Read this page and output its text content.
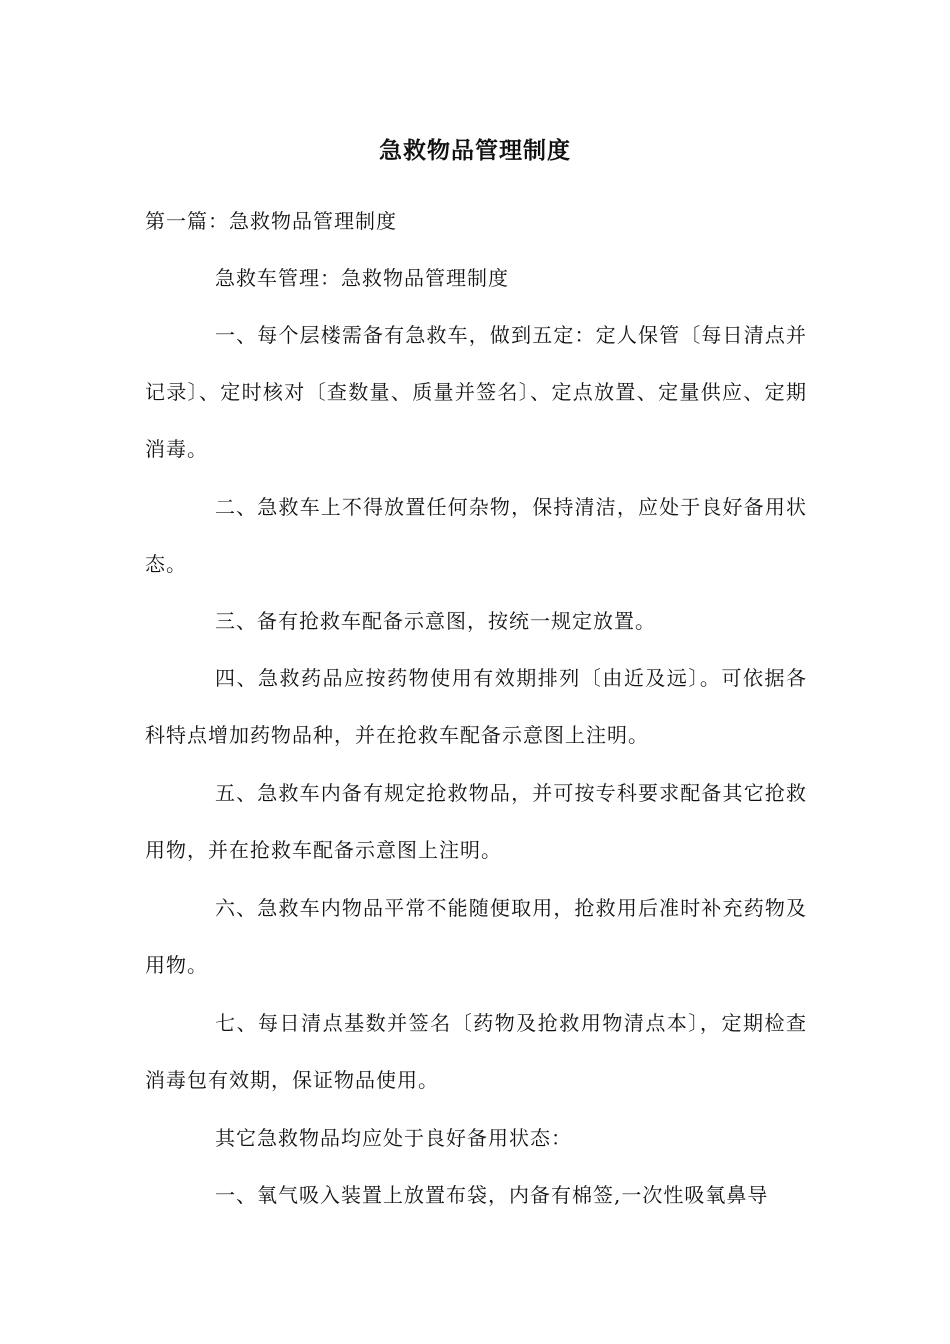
急救物品管理制度
第一篇：急救物品管理制度
急救车管理：急救物品管理制度
一、每个层楼需备有急救车，做到五定：定人保管〔每日清点并记录〕、定时核对〔查数量、质量并签名〕、定点放置、定量供应、定期消毒。
二、急救车上不得放置任何杂物，保持清洁，应处于良好备用状态。
三、备有抢救车配备示意图，按统一规定放置。
四、急救药品应按药物使用有效期排列〔由近及远〕。可依据各科特点增加药物品种，并在抢救车配备示意图上注明。
五、急救车内备有规定抢救物品，并可按专科要求配备其它抢救用物，并在抢救车配备示意图上注明。
六、急救车内物品平常不能随便取用，抢救用后准时补充药物及用物。
七、每日清点基数并签名〔药物及抢救用物清点本〕，定期检查消毒包有效期，保证物品使用。
其它急救物品均应处于良好备用状态：
一、氧气吸入装置上放置布袋，内备有棉签,一次性吸氧鼻导
